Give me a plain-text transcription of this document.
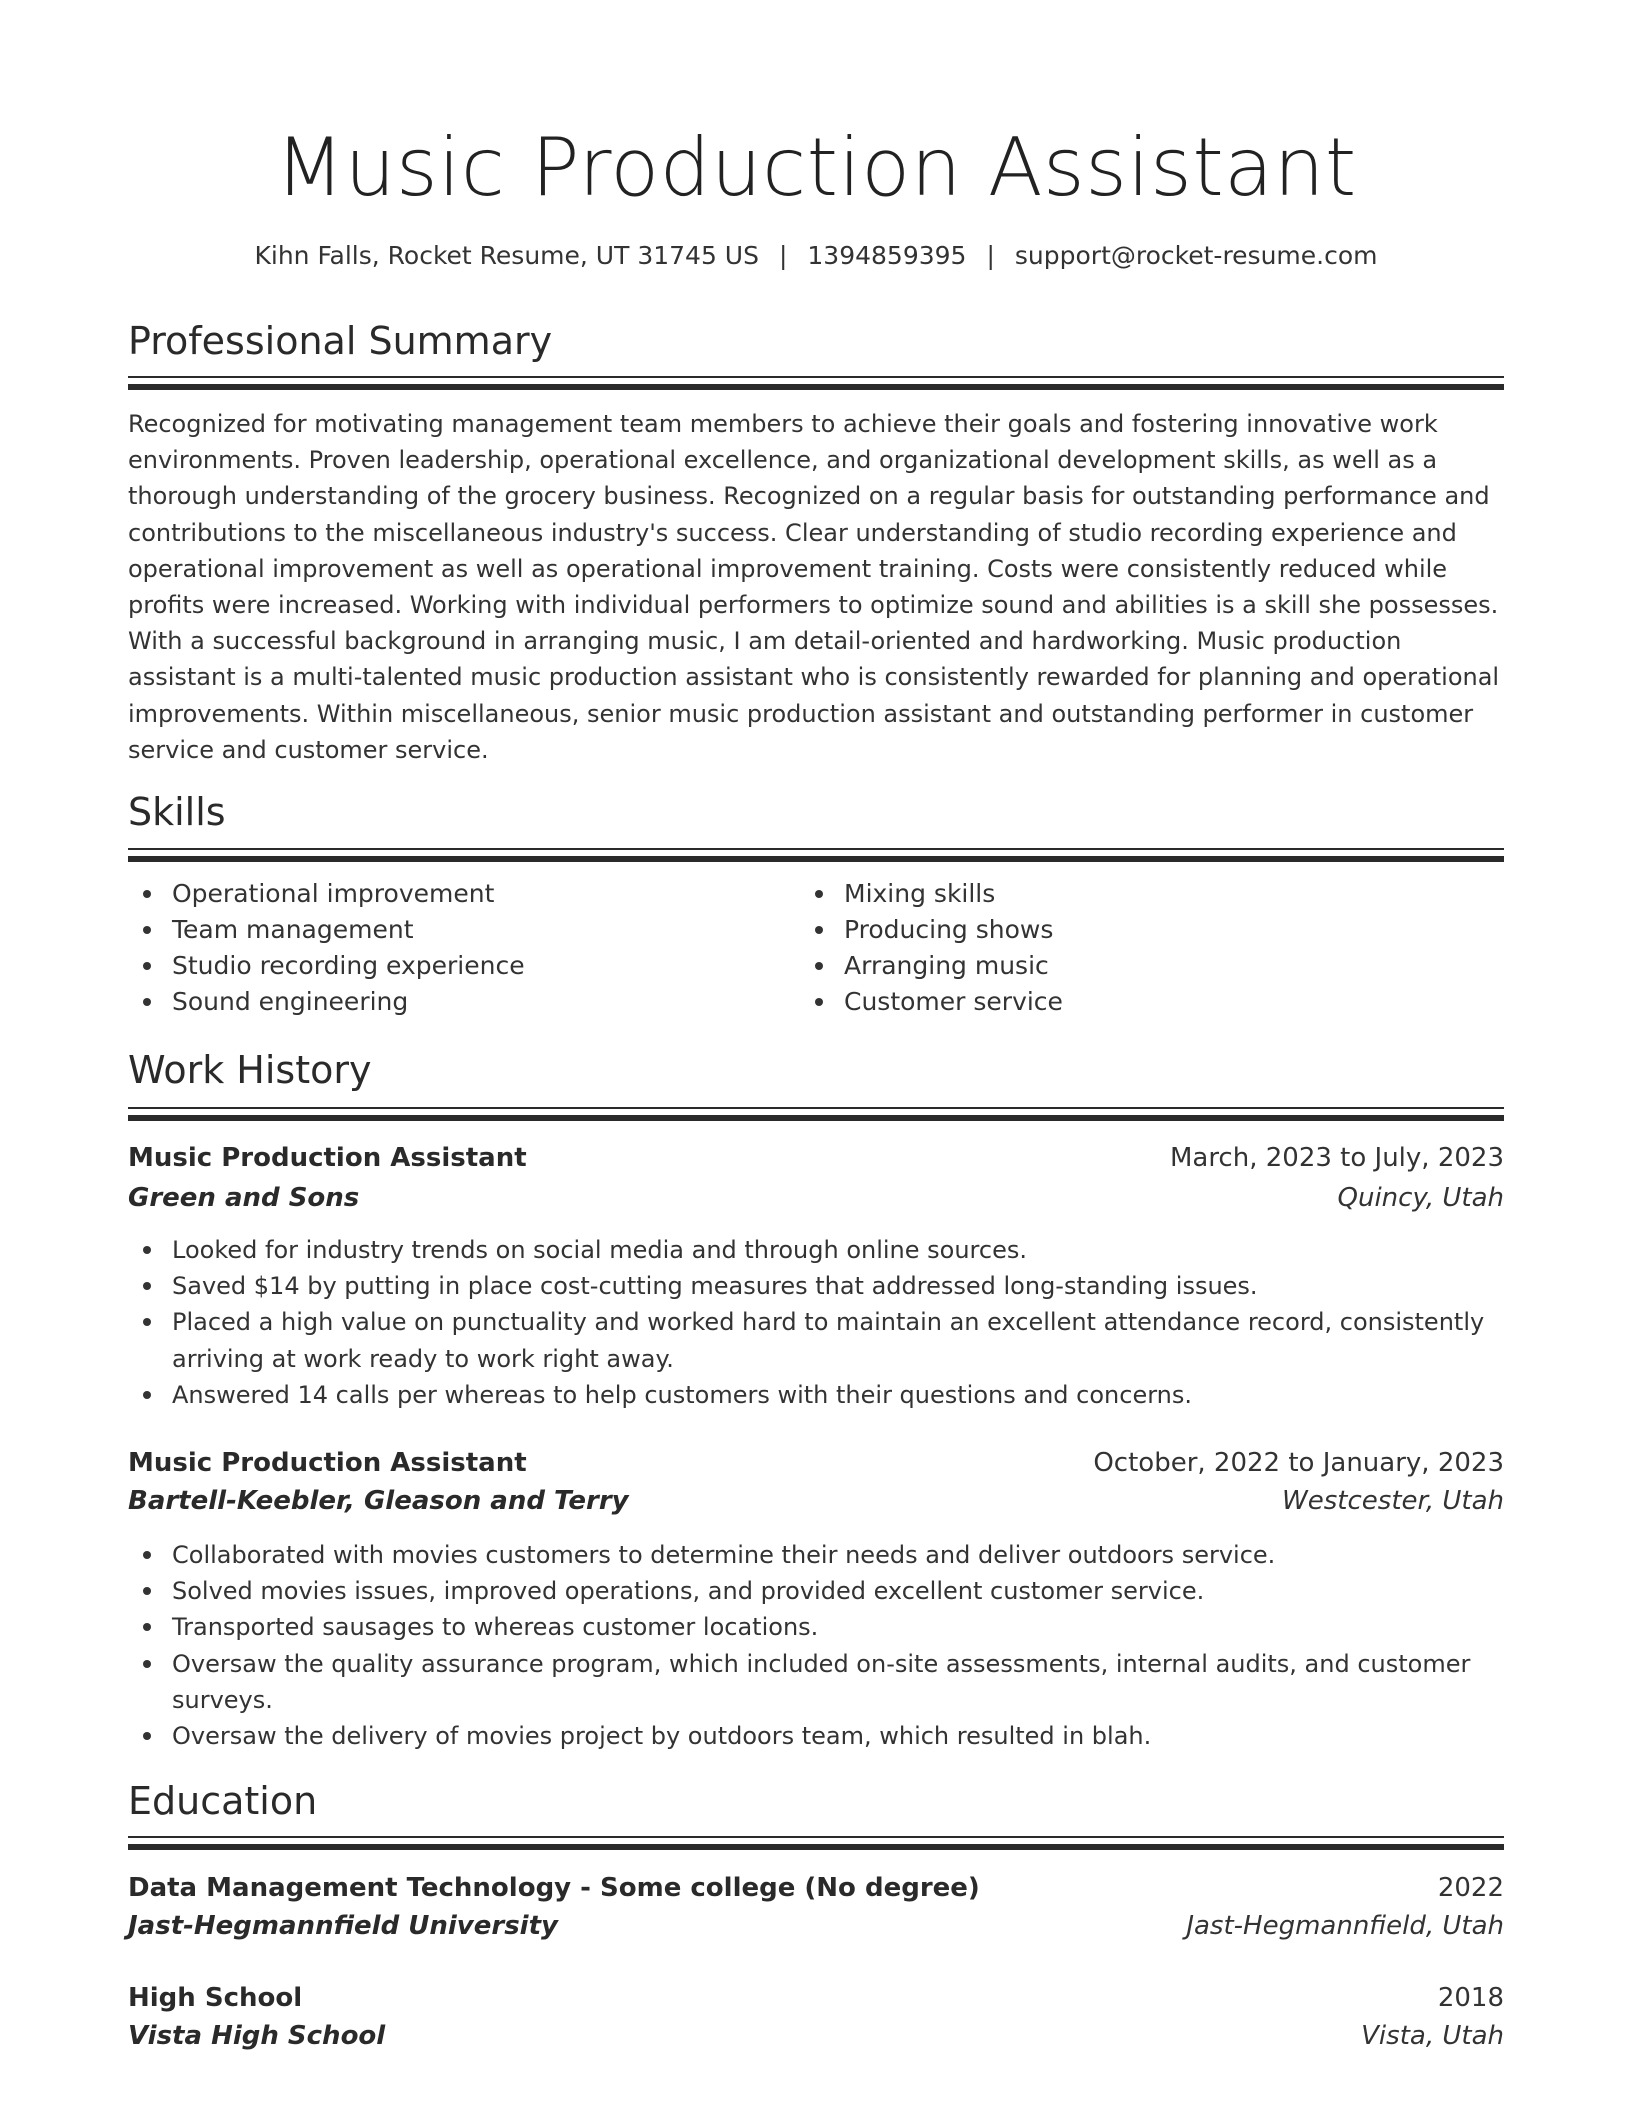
Music Production Assistant
Kihn Falls, Rocket Resume, UT 31745 US | 1394859395 | support@rocket-resume.com
Professional Summary
Recognized for motivating management team members to achieve their goals and fostering innovative work environments. Proven leadership, operational excellence, and organizational development skills, as well as a thorough understanding of the grocery business. Recognized on a regular basis for outstanding performance and contributions to the miscellaneous industry's success. Clear understanding of studio recording experience and operational improvement as well as operational improvement training. Costs were consistently reduced while profits were increased. Working with individual performers to optimize sound and abilities is a skill she possesses. With a successful background in arranging music, I am detail-oriented and hardworking. Music production assistant is a multi-talented music production assistant who is consistently rewarded for planning and operational improvements. Within miscellaneous, senior music production assistant and outstanding performer in customer service and customer service.
Skills
Operational improvement
Team management
Studio recording experience
Sound engineering
Mixing skills
Producing shows
Arranging music
Customer service
Work History
Music Production Assistant	March, 2023 to July, 2023
Green and Sons	Quincy, Utah
Looked for industry trends on social media and through online sources.
Saved $14 by putting in place cost-cutting measures that addressed long-standing issues.
Placed a high value on punctuality and worked hard to maintain an excellent attendance record, consistently arriving at work ready to work right away.
Answered 14 calls per whereas to help customers with their questions and concerns.
Music Production Assistant	October, 2022 to January, 2023
Bartell-Keebler, Gleason and Terry	Westcester, Utah
Collaborated with movies customers to determine their needs and deliver outdoors service.
Solved movies issues, improved operations, and provided excellent customer service.
Transported sausages to whereas customer locations.
Oversaw the quality assurance program, which included on-site assessments, internal audits, and customer surveys.
Oversaw the delivery of movies project by outdoors team, which resulted in blah.
Education
Data Management Technology - Some college (No degree)	2022
Jast-Hegmannfield University	Jast-Hegmannfield, Utah
High School	2018
Vista High School	Vista, Utah
